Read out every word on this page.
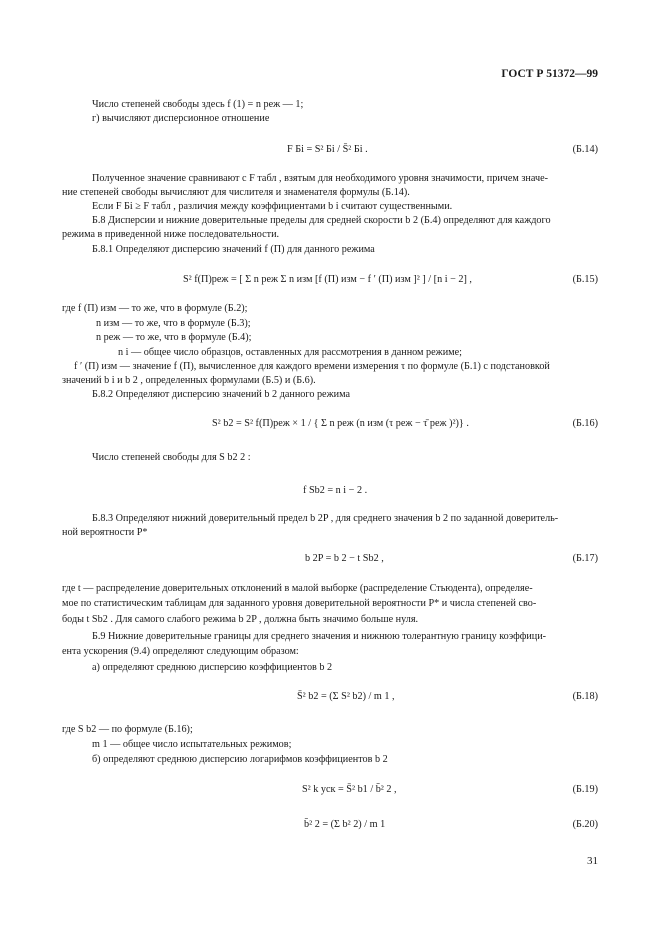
ГОСТ Р 51372—99
Число степеней свободы здесь f (1) = n реж — 1;
г) вычисляют дисперсионное отношение
F Бi = S² Бi / S̄² Бi .	(Б.14)
Полученное значение сравнивают с F табл , взятым для необходимого уровня значимости, причем значе-
ние степеней свободы вычисляют для числителя и знаменателя формулы (Б.14).
Если F Бi ≥ F табл , различия между коэффициентами b i считают существенными.
Б.8 Дисперсии и нижние доверительные пределы для средней скорости b 2 (Б.4) определяют для каждого
режима в приведенной ниже последовательности.
Б.8.1 Определяют дисперсию значений f (П) для данного режима
S² f(П)реж = [ Σ n реж Σ n изм [f (П) изм − f ′ (П) изм ]² ] / [n i − 2] ,	(Б.15)
где f (П) изм — то же, что в формуле (Б.2);
n изм — то же, что в формуле (Б.3);
n реж — то же, что в формуле (Б.4);
n i — общее число образцов, оставленных для рассмотрения в данном режиме;
f ′ (П) изм — значение f (П), вычисленное для каждого времени измерения τ по формуле (Б.1) с подстановкой
значений b i и b 2 , определенных формулами (Б.5) и (Б.6).
Б.8.2 Определяют дисперсию значений b 2 данного режима
S² b2 = S² f(П)реж × 1 / { Σ n реж (n изм (τ реж − τ̄ реж )²)} .	(Б.16)
Число степеней свободы для S b2 2 :
f Sb2 = n i − 2 .
Б.8.3 Определяют нижний доверительный предел b 2P , для среднего значения b 2 по заданной доверитель-
ной вероятности P*
b 2P = b 2 − t Sb2 ,	(Б.17)
где t — распределение доверительных отклонений в малой выборке (распределение Стьюдента), определяе-
мое по статистическим таблицам для заданного уровня доверительной вероятности P* и числа степеней сво-
боды t Sb2 . Для самого слабого режима b 2P , должна быть значимо больше нуля.
Б.9 Нижние доверительные границы для среднего значения и нижнюю толерантную границу коэффици-
ента ускорения (9.4) определяют следующим образом:
а) определяют среднюю дисперсию коэффициентов b 2
S̄² b2 = (Σ S² b2) / m 1 ,	(Б.18)
где S b2 — по формуле (Б.16);
m 1 — общее число испытательных режимов;
б) определяют среднюю дисперсию логарифмов коэффициентов b 2
S² k уск = S̄² b1 / b̄² 2 ,	(Б.19)
b̄² 2 = (Σ b² 2) / m 1	(Б.20)
31
